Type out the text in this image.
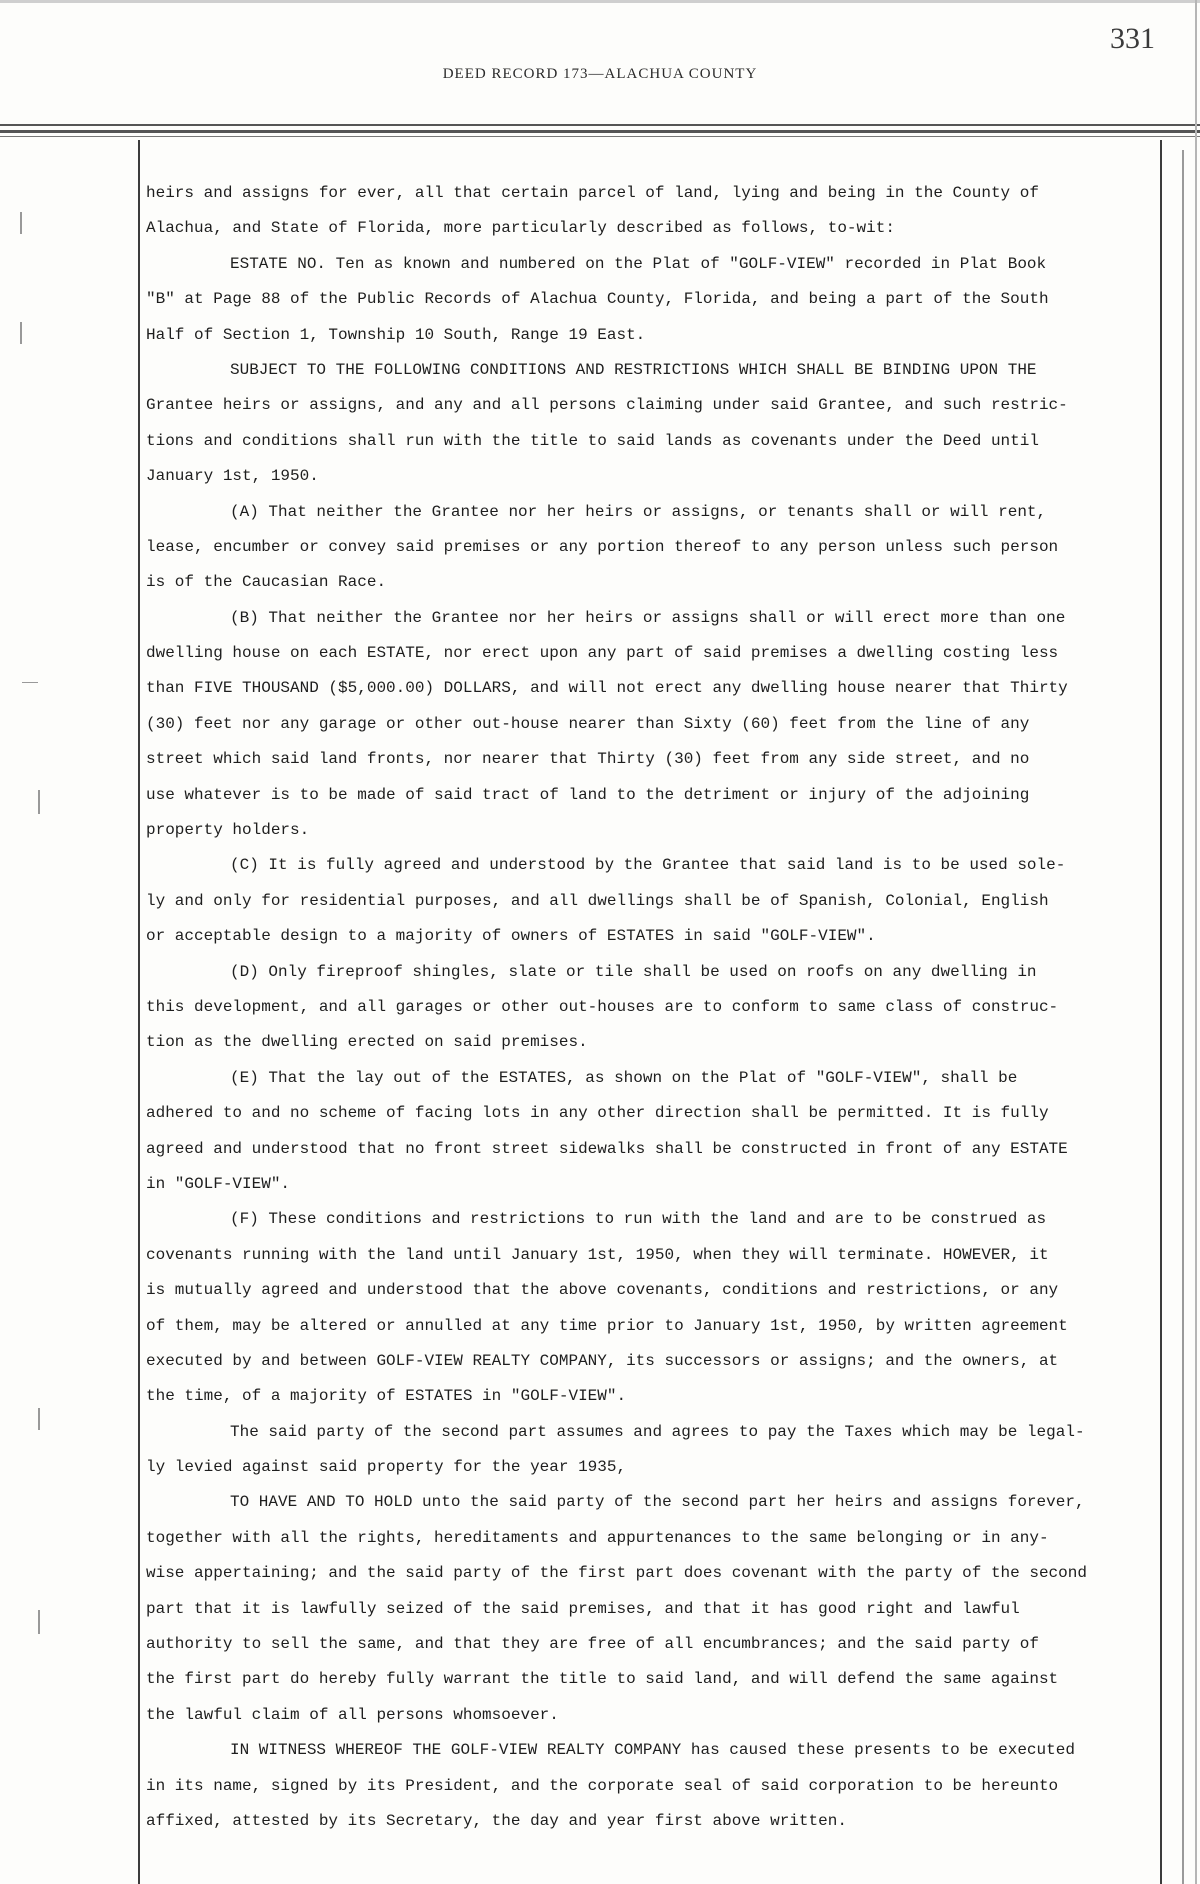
331
DEED RECORD 173—ALACHUA COUNTY
heirs and assigns for ever, all that certain parcel of land, lying and being in the County of
Alachua, and State of Florida, more particularly described as follows, to-wit:
ESTATE NO. Ten as known and numbered on the Plat of "GOLF-VIEW" recorded in Plat Book
"B" at Page 88 of the Public Records of Alachua County, Florida, and being a part of the South
Half of Section 1, Township 10 South, Range 19 East.
SUBJECT TO THE FOLLOWING CONDITIONS AND RESTRICTIONS WHICH SHALL BE BINDING UPON THE
Grantee heirs or assigns, and any and all persons claiming under said Grantee, and such restric-
tions and conditions shall run with the title to said lands as covenants under the Deed until
January 1st, 1950.
(A) That neither the Grantee nor her heirs or assigns, or tenants shall or will rent,
lease, encumber or convey said premises or any portion thereof to any person unless such person
is of the Caucasian Race.
(B) That neither the Grantee nor her heirs or assigns shall or will erect more than one
dwelling house on each ESTATE, nor erect upon any part of said premises a dwelling costing less
than FIVE THOUSAND ($5,000.00) DOLLARS, and will not erect any dwelling house nearer that Thirty
(30) feet nor any garage or other out-house nearer than Sixty (60) feet from the line of any
street which said land fronts, nor nearer that Thirty (30) feet from any side street, and no
use whatever is to be made of said tract of land to the detriment or injury of the adjoining
property holders.
(C) It is fully agreed and understood by the Grantee that said land is to be used sole-
ly and only for residential purposes, and all dwellings shall be of Spanish, Colonial, English
or acceptable design to a majority of owners of ESTATES in said "GOLF-VIEW".
(D) Only fireproof shingles, slate or tile shall be used on roofs on any dwelling in
this development, and all garages or other out-houses are to conform to same class of construc-
tion as the dwelling erected on said premises.
(E) That the lay out of the ESTATES, as shown on the Plat of "GOLF-VIEW", shall be
adhered to and no scheme of facing lots in any other direction shall be permitted. It is fully
agreed and understood that no front street sidewalks shall be constructed in front of any ESTATE
in "GOLF-VIEW".
(F) These conditions and restrictions to run with the land and are to be construed as
covenants running with the land until January 1st, 1950, when they will terminate. HOWEVER, it
is mutually agreed and understood that the above covenants, conditions and restrictions, or any
of them, may be altered or annulled at any time prior to January 1st, 1950, by written agreement
executed by and between GOLF-VIEW REALTY COMPANY, its successors or assigns; and the owners, at
the time, of a majority of ESTATES in "GOLF-VIEW".
The said party of the second part assumes and agrees to pay the Taxes which may be legal-
ly levied against said property for the year 1935,
TO HAVE AND TO HOLD unto the said party of the second part her heirs and assigns forever,
together with all the rights, hereditaments and appurtenances to the same belonging or in any-
wise appertaining; and the said party of the first part does covenant with the party of the second
part that it is lawfully seized of the said premises, and that it has good right and lawful
authority to sell the same, and that they are free of all encumbrances; and the said party of
the first part do hereby fully warrant the title to said land, and will defend the same against
the lawful claim of all persons whomsoever.
IN WITNESS WHEREOF THE GOLF-VIEW REALTY COMPANY has caused these presents to be executed
in its name, signed by its President, and the corporate seal of said corporation to be hereunto
affixed, attested by its Secretary, the day and year first above written.
